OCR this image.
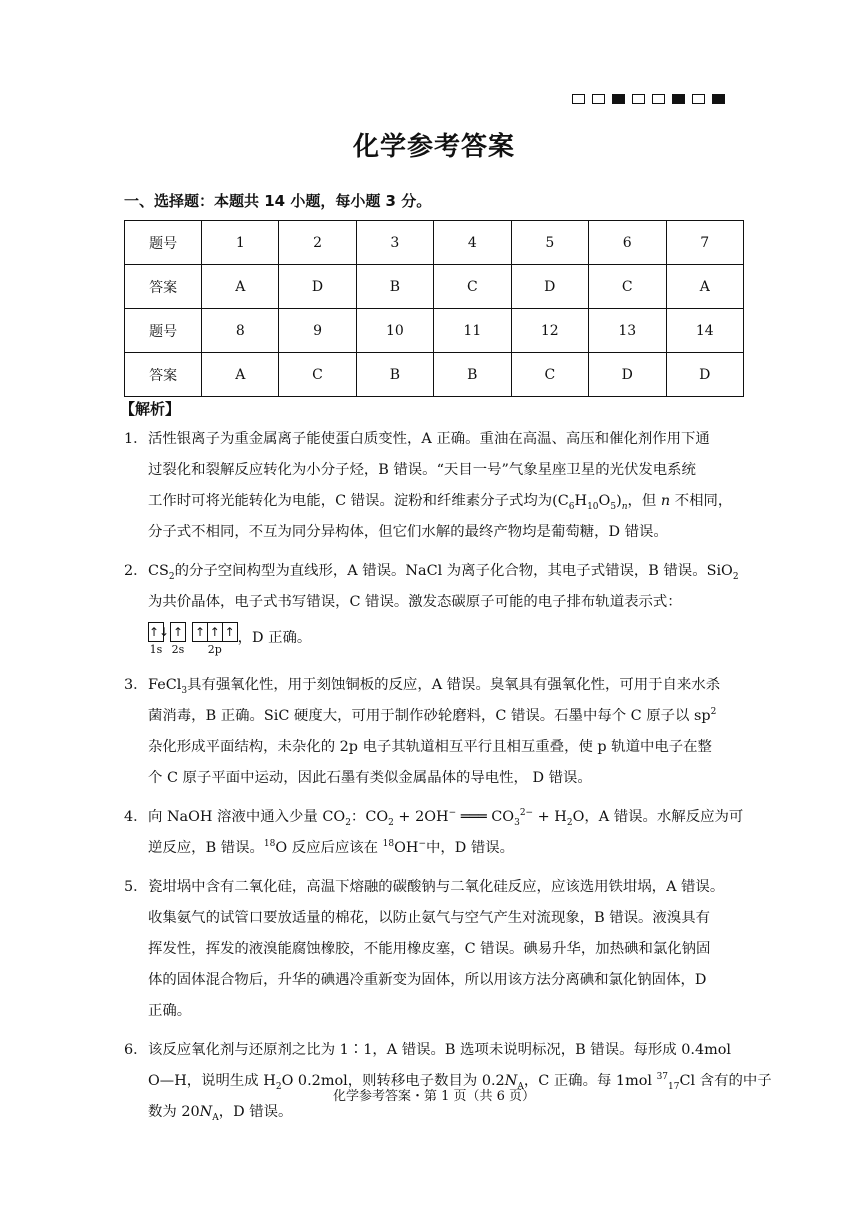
化学参考答案
一、选择题：本题共 14 小题，每小题 3 分。
题号	1	2	3	4	5	6	7
答案	A	D	B	C	D	C	A
题号	8	9	10	11	12	13	14
答案	A	C	B	B	C	D	D
【解析】
1． 活性银离子为重金属离子能使蛋白质变性，A 正确。重油在高温、高压和催化剂作用下通
过裂化和裂解反应转化为小分子烃，B 错误。“天目一号”气象星座卫星的光伏发电系统
工作时可将光能转化为电能，C 错误。淀粉和纤维素分子式均为$(C_6H_{10}O_5)_n$，但 n 不相同，
分子式不相同，不互为同分异构体，但它们水解的最终产物均是葡萄糖，D 错误。
2． $CS_2$的分子空间构型为直线形，A 错误。NaCl 为离子化合物，其电子式错误，B 错误。SiO$_2$
为共价晶体，电子式书写错误，C 错误。激发态碳原子可能的电子排布轨道表示式：
↑↓
1s
↑
2s
↑ ↑ ↑
2p
，D 正确。
3． FeCl$_3$具有强氧化性，用于刻蚀铜板的反应，A 错误。臭氧具有强氧化性，可用于自来水杀
菌消毒，B 正确。SiC 硬度大，可用于制作砂轮磨料，C 错误。石墨中每个 C 原子以 $sp^2$
杂化形成平面结构，未杂化的 2p 电子其轨道相互平行且相互重叠，使 p 轨道中电子在整
个 C 原子平面中运动，因此石墨有类似金属晶体的导电性， D 错误。
4． 向 NaOH 溶液中通入少量 $CO_2$：$CO_2 + 2OH^-$ ═══ $CO_3^{2-} + H_2O$，A 错误。水解反应为可
逆反应，B 错误。$^{18}$O 反应后应该在 $^{18}$OH−中，D 错误。
5． 瓷坩埚中含有二氧化硅，高温下熔融的碳酸钠与二氧化硅反应，应该选用铁坩埚，A 错误。
收集氨气的试管口要放适量的棉花，以防止氨气与空气产生对流现象，B 错误。液溴具有
挥发性，挥发的液溴能腐蚀橡胶，不能用橡皮塞，C 错误。碘易升华，加热碘和氯化钠固
体的固体混合物后，升华的碘遇冷重新变为固体，所以用该方法分离碘和氯化钠固体，D
正确。
6． 该反应氧化剂与还原剂之比为 1∶1，A 错误。B 选项未说明标况，B 错误。每形成 0.4mol
O—H，说明生成 $H_2O$ 0.2mol，则转移电子数目为 $0.2N_A$，C 正确。每 1mol $^{37}_{17}$Cl 含有的中子
数为 $20N_A$，D 错误。
化学参考答案・第 1 页（共 6 页）
